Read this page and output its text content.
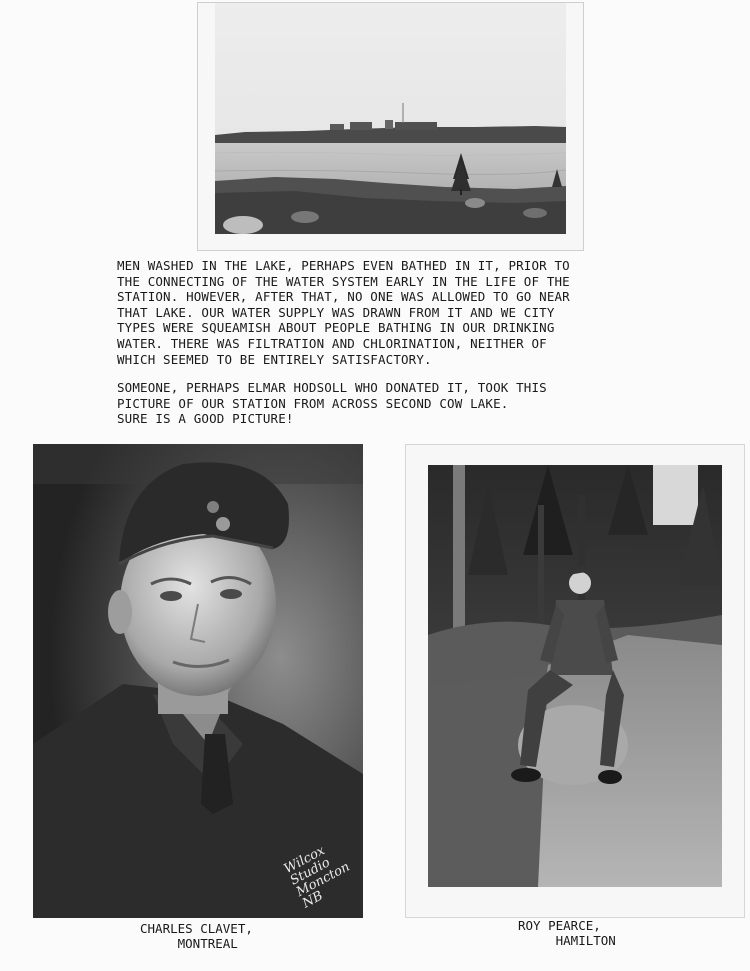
MEN WASHED IN THE LAKE, PERHAPS EVEN BATHED IN IT, PRIOR TO
THE CONNECTING OF THE WATER SYSTEM EARLY IN THE LIFE OF THE
STATION. HOWEVER, AFTER THAT, NO ONE WAS ALLOWED TO GO NEAR
THAT LAKE. OUR WATER SUPPLY WAS DRAWN FROM IT AND WE CITY
TYPES WERE SQUEAMISH ABOUT PEOPLE BATHING IN OUR DRINKING
WATER. THERE WAS FILTRATION AND CHLORINATION, NEITHER OF
WHICH SEEMED TO BE ENTIRELY SATISFACTORY.

SOMEONE, PERHAPS ELMAR HODSOLL WHO DONATED IT, TOOK THIS
PICTURE OF OUR STATION FROM ACROSS SECOND COW LAKE.
SURE IS A GOOD PICTURE!

Wilcox
Studio
Moncton
NB

CHARLES CLAVET,
MONTREAL

ROY PEARCE,
HAMILTON
